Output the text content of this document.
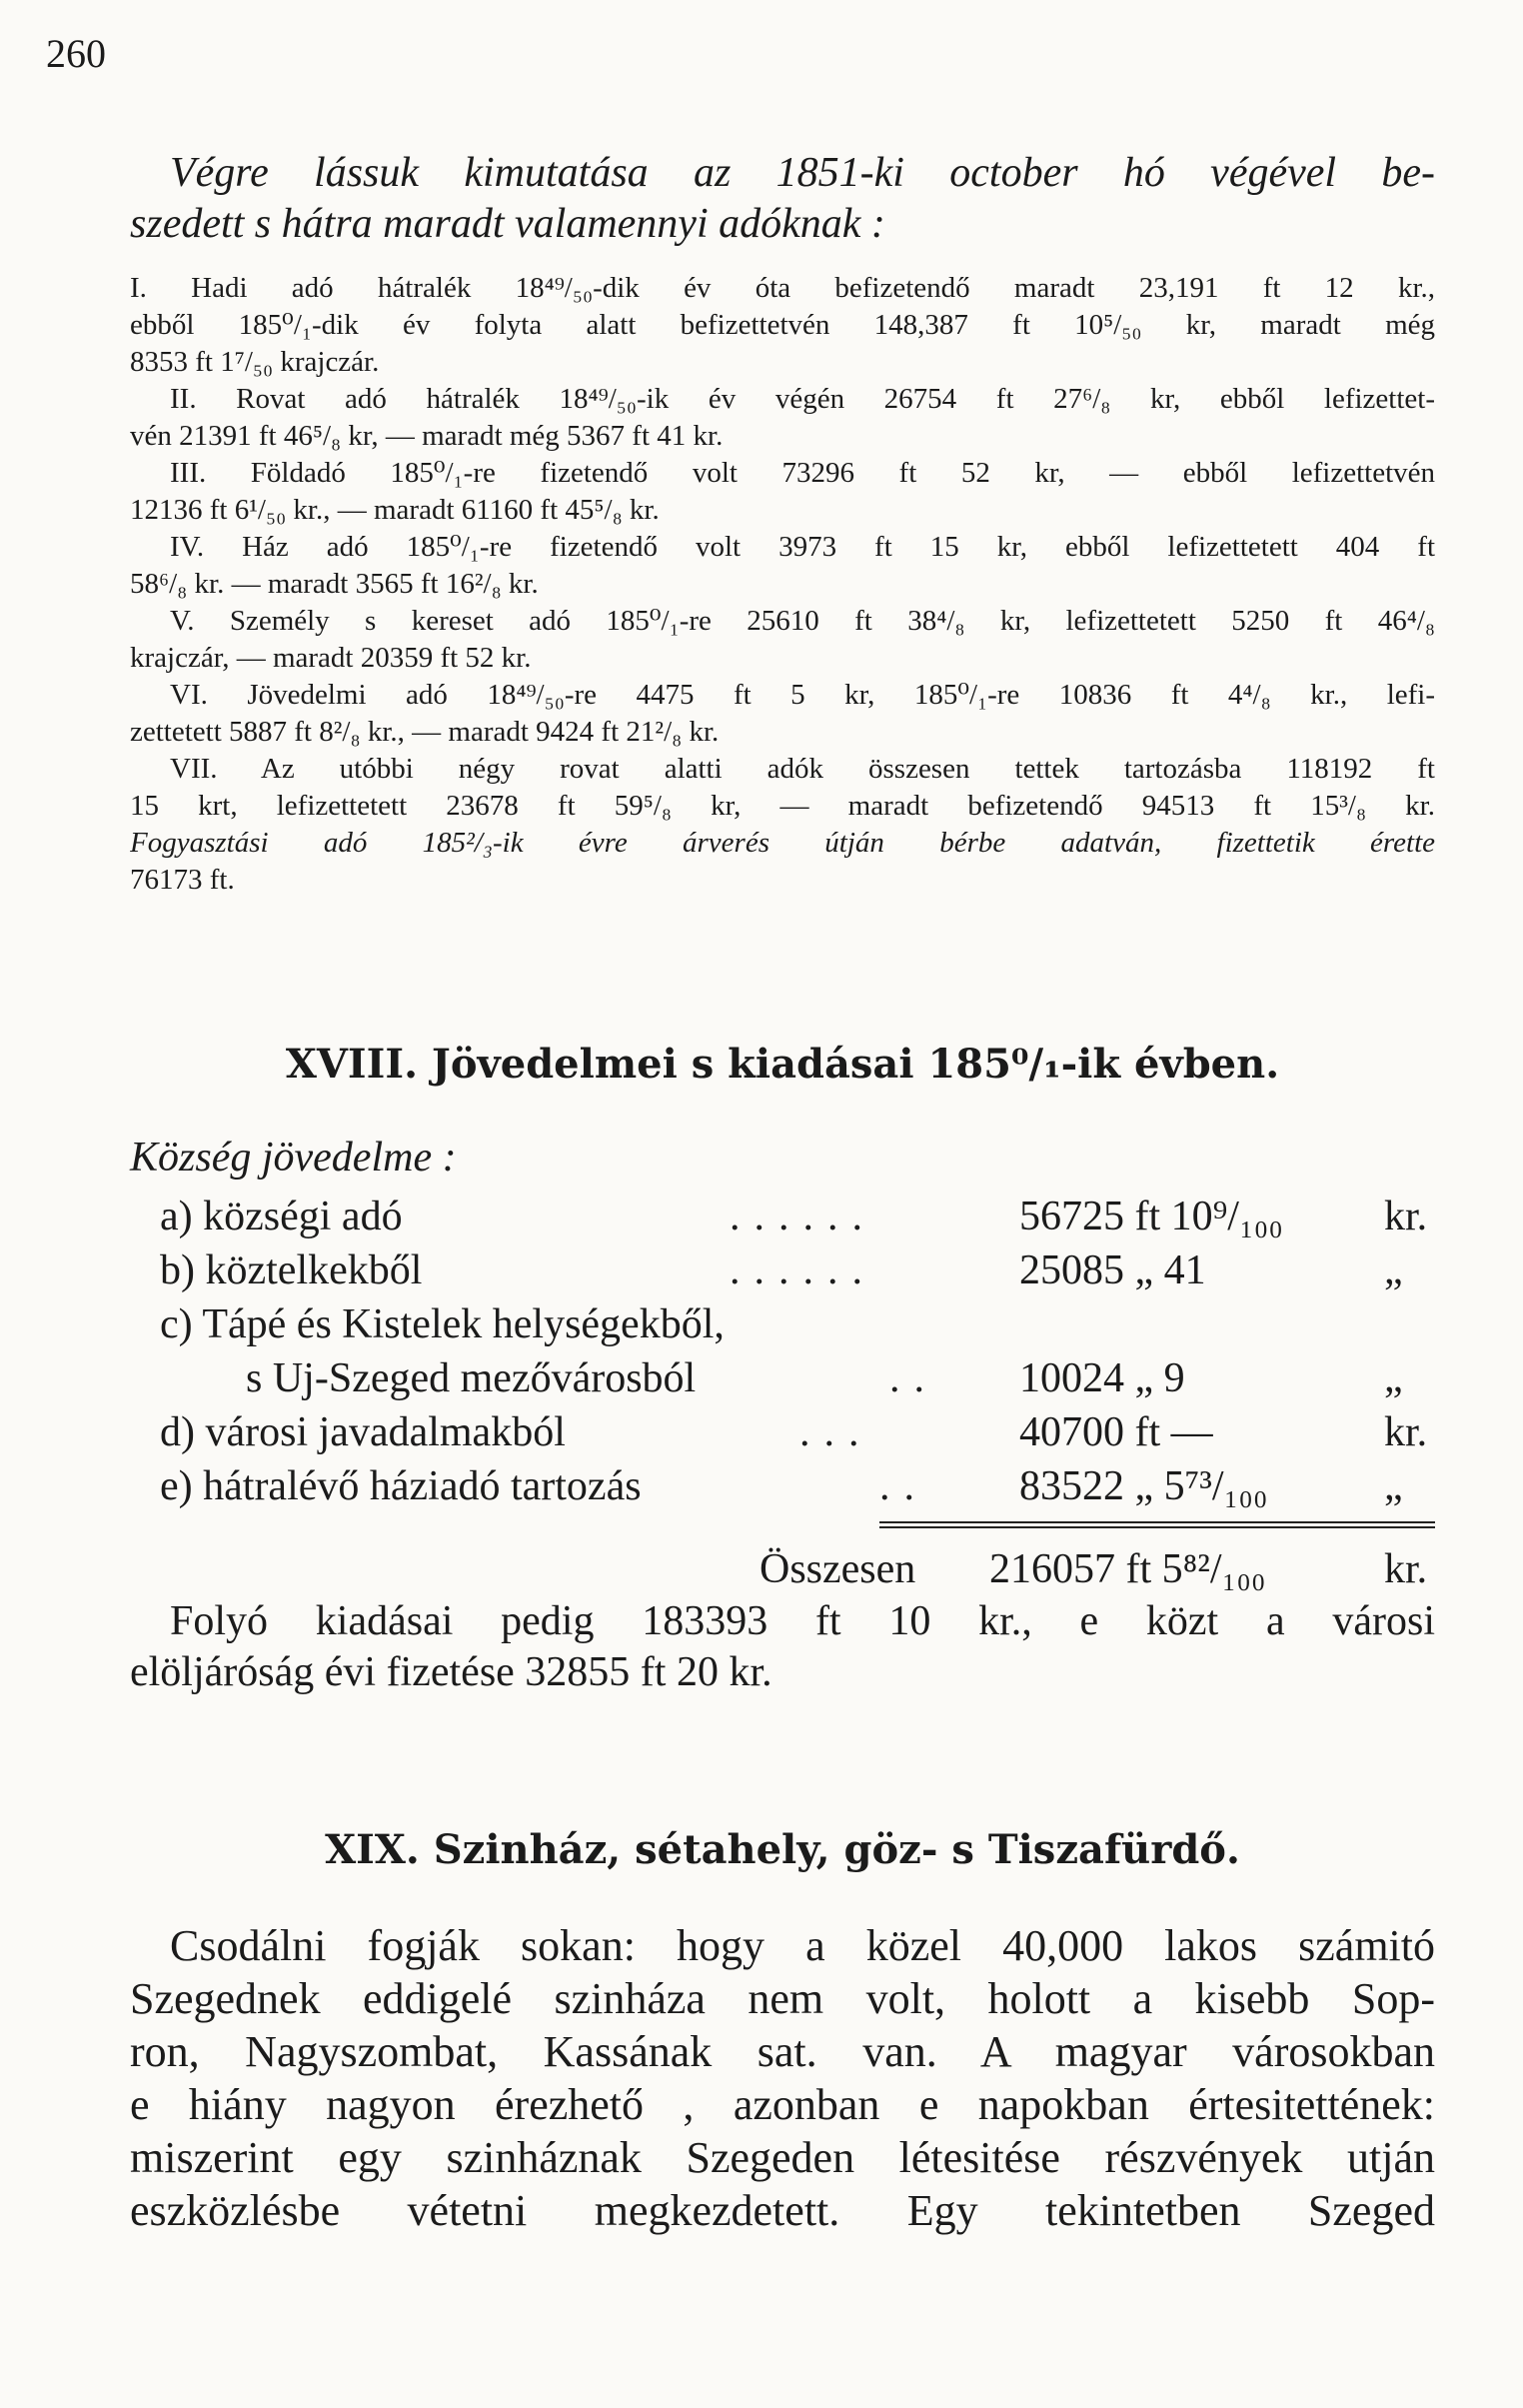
260
Végre lássuk kimutatása az 1851-ki october hó végével be-
szedett s hátra maradt valamennyi adóknak :
I. Hadi adó hátralék 18⁴⁹/₅₀-dik év óta befizetendő maradt 23,191 ft 12 kr.,
ebből 185⁰/₁-dik év folyta alatt befizettetvén 148,387 ft 10⁵/₅₀ kr, maradt még
8353 ft 1⁷/₅₀ krajczár.
II. Rovat adó hátralék 18⁴⁹/₅₀-ik év végén 26754 ft 27⁶/₈ kr, ebből lefizettet-
vén 21391 ft 46⁵/₈ kr, — maradt még 5367 ft 41 kr.
III. Földadó 185⁰/₁-re fizetendő volt 73296 ft 52 kr, — ebből lefizettetvén
12136 ft 6¹/₅₀ kr., — maradt 61160 ft 45⁵/₈ kr.
IV. Ház adó 185⁰/₁-re fizetendő volt 3973 ft 15 kr, ebből lefizettetett 404 ft
58⁶/₈ kr. — maradt 3565 ft 16²/₈ kr.
V. Személy s kereset adó 185⁰/₁-re 25610 ft 38⁴/₈ kr, lefizettetett 5250 ft 46⁴/₈
krajczár, — maradt 20359 ft 52 kr.
VI. Jövedelmi adó 18⁴⁹/₅₀-re 4475 ft 5 kr, 185⁰/₁-re 10836 ft 4⁴/₈ kr., lefi-
zettetett 5887 ft 8²/₈ kr., — maradt 9424 ft 21²/₈ kr.
VII. Az utóbbi négy rovat alatti adók összesen tettek tartozásba 118192 ft
15 krt, lefizettetett 23678 ft 59⁵/₈ kr, — maradt befizetendő 94513 ft 15³/₈ kr.
Fogyasztási adó 185²/₃-ik évre árverés útján bérbe adatván, fizettetik érette
76173 ft.
XVIII. Jövedelmei s kiadásai 185⁰/₁-ik évben.
Község jövedelme :
a) községi adó	......	56725 ft 10⁹/₁₀₀ kr.
b) köztelkekből	......	25085 „ 41	„
c) Tápé és Kistelek helységekből,
s Uj-Szeged mezővárosból	.. 10024 „ 9	„
d) városi javadalmakból	...	40700 ft —	kr.
e) hátralévő háziadó tartozás	.. 83522 „ 5⁷³/₁₀₀	„
Összesen 216057 ft 5⁸²/₁₀₀	kr.
Folyó kiadásai pedig 183393 ft 10 kr., e közt a városi
elöljáróság évi fizetése 32855 ft 20 kr.
XIX. Szinház, sétahely, göz- s Tiszafürdő.
Csodálni fogják sokan: hogy a közel 40,000 lakos számitó
Szegednek eddigelé szinháza nem volt, holott a kisebb Sop-
ron, Nagyszombat, Kassának sat. van. A magyar városokban
e hiány nagyon érezhető , azonban e napokban értesitettének:
miszerint egy szinháznak Szegeden létesitése részvények utján
eszközlésbe vétetni megkezdetett. Egy tekintetben Szeged
